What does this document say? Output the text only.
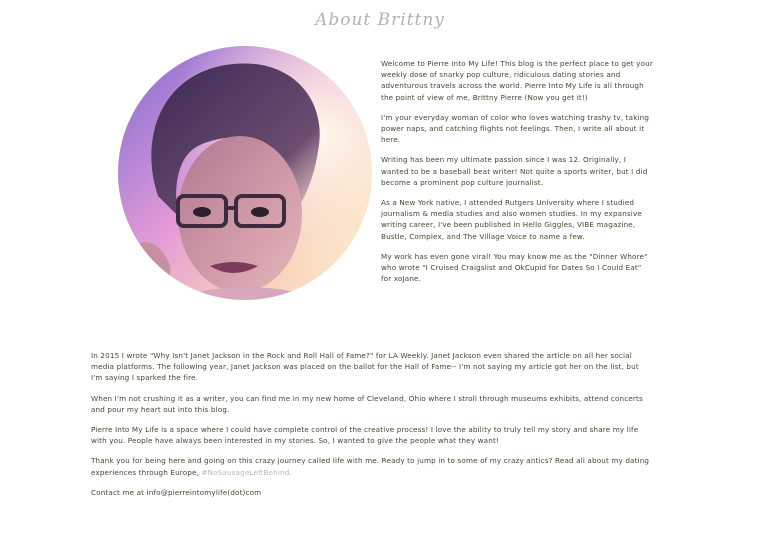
About Brittny

Welcome to Pierre Into My Life! This blog is the perfect place to get your weekly dose of snarky pop culture, ridiculous dating stories and adventurous travels across the world. Pierre Into My Life is all through the point of view of me, Brittny Pierre (Now you get it!)

I'm your everyday woman of color who loves watching trashy tv, taking power naps, and catching flights not feelings. Then, I write all about it here.

Writing has been my ultimate passion since I was 12. Originally, I wanted to be a baseball beat writer! Not quite a sports writer, but I did become a prominent pop culture journalist.

As a New York native, I attended Rutgers University where I studied journalism & media studies and also women studies. In my expansive writing career, I've been published in Hello Giggles, VIBE magazine, Bustle, Complex, and The Village Voice to name a few.

My work has even gone viral! You may know me as the "Dinner Whore" who wrote "I Cruised Craigslist and OkCupid for Dates So I Could Eat" for xoJane.

In 2015 I wrote "Why Isn't Janet Jackson in the Rock and Roll Hall of Fame?" for LA Weekly. Janet Jackson even shared the article on all her social media platforms. The following year, Janet Jackson was placed on the ballot for the Hall of Fame-- I'm not saying my article got her on the list, but I'm saying I sparked the fire.

When I'm not crushing it as a writer, you can find me in my new home of Cleveland, Ohio where I stroll through museums exhibits, attend concerts and pour my heart out into this blog.

Pierre Into My Life is a space where I could have complete control of the creative process! I love the ability to truly tell my story and share my life with you. People have always been interested in my stories. So, I wanted to give the people what they want!

Thank you for being here and going on this crazy journey called life with me. Ready to jump in to some of my crazy antics? Read all about my dating experiences through Europe, #NoSausageLeftBehind.

Contact me at info@pierreintomylife(dot)com
